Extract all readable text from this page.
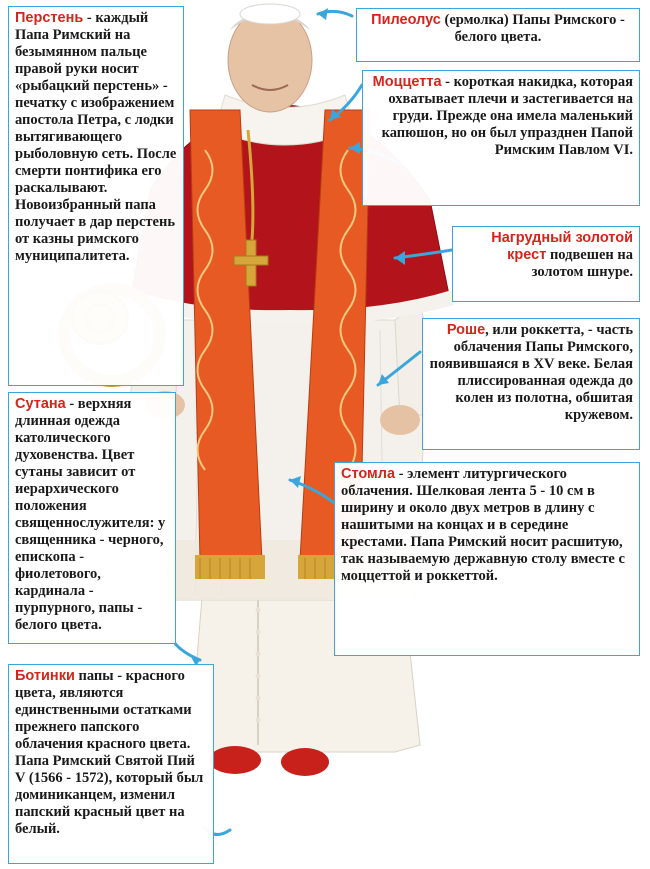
Перстень - каждый Папа Римский на безымянном пальце правой руки носит «рыбацкий перстень» - печатку с изображением апостола Петра, с лодки вытягивающего рыболовную сеть. После смерти понтифика его раскалывают. Новоизбранный папа получает в дар перстень от казны римского муниципалитета.
Пилеолус (ермолка) Папы Римского - белого цвета.
Моццетта - короткая накидка, которая охватывает плечи и застегивается на груди. Прежде она имела маленький капюшон, но он был упразднен Папой Римским Павлом VI.
Нагрудный золотой крест подвешен на золотом шнуре.
Роше, или роккетта, - часть облачения Папы Римского, появившаяся в XV веке. Белая плиссированная одежда до колен из полотна, обшитая кружевом.
Сутана - верхняя длинная одежда католического духовенства. Цвет сутаны зависит от иерархического положения священнослужителя: у священника - черного, епископа - фиолетового, кардинала - пурпурного, папы - белого цвета.
Стомла - элемент литургического облачения. Шелковая лента 5 - 10 см в ширину и около двух метров в длину с нашитыми на концах и в середине крестами. Папа Римский носит расшитую, так называемую державную столу вместе с моццеттой и роккеттой.
Ботинки папы - красного цвета, являются единственными остатками прежнего папского облачения красного цвета. Папа Римский Святой Пий V (1566 - 1572), который был доминиканцем, изменил папский красный цвет на белый.
